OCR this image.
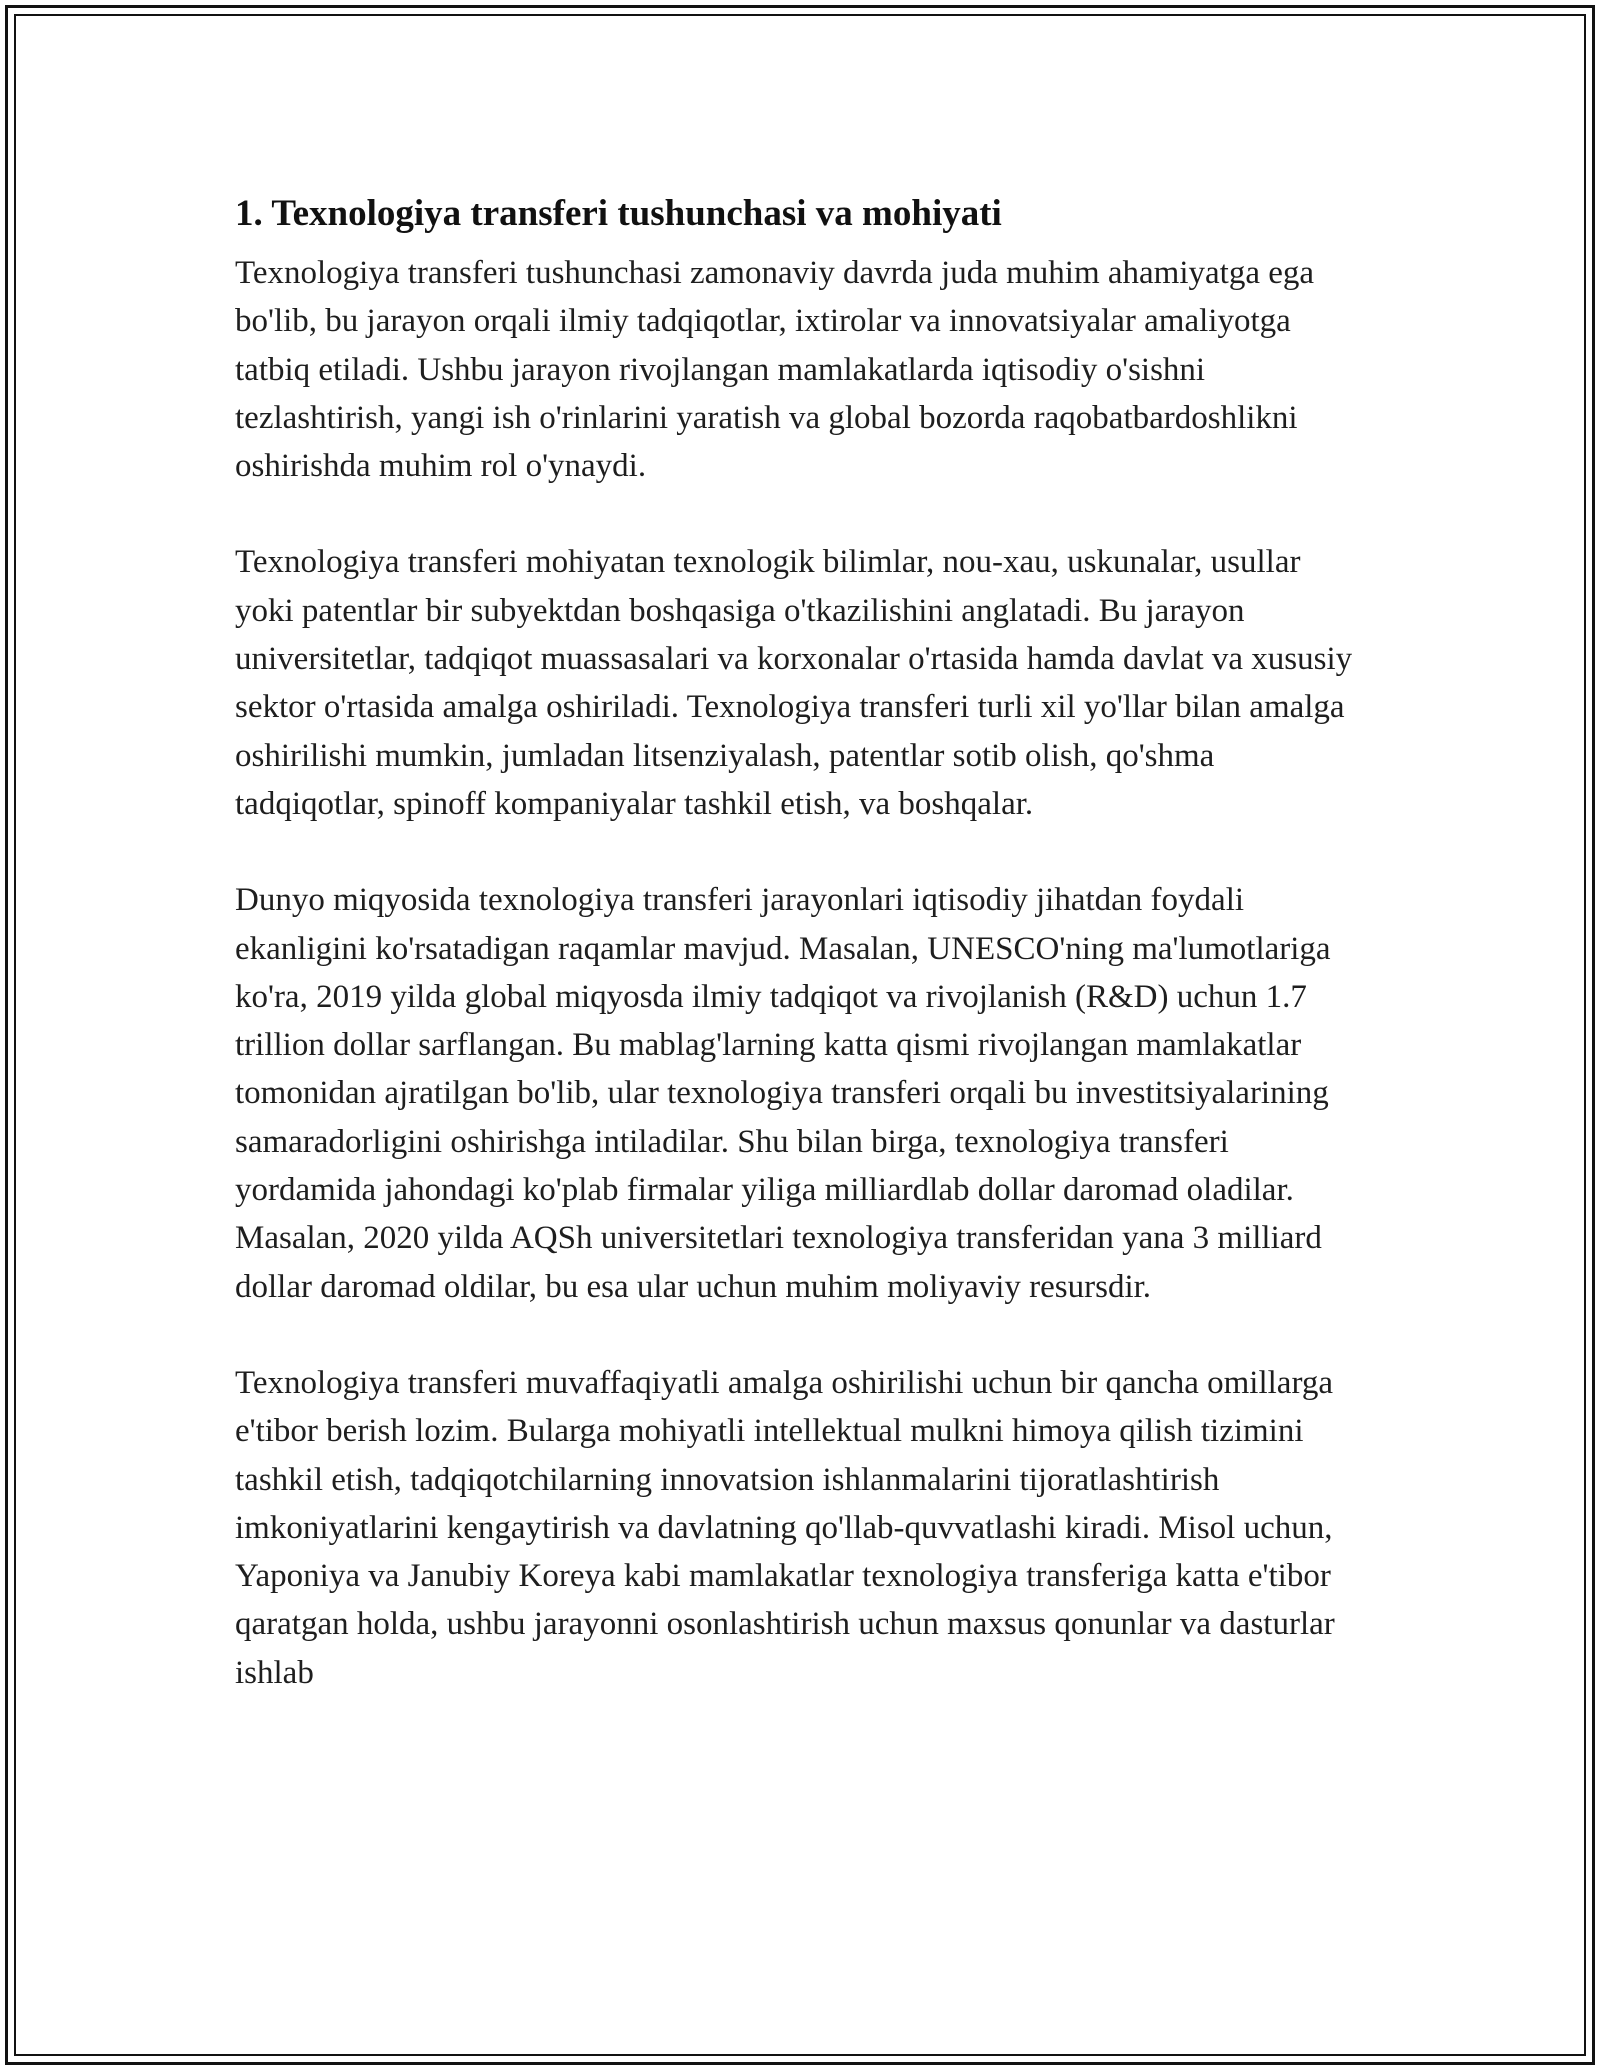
1. Texnologiya transferi tushunchasi va mohiyati

Texnologiya transferi tushunchasi zamonaviy davrda juda muhim ahamiyatga ega bo'lib, bu jarayon orqali ilmiy tadqiqotlar, ixtirolar va innovatsiyalar amaliyotga tatbiq etiladi. Ushbu jarayon rivojlangan mamlakatlarda iqtisodiy o'sishni tezlashtirish, yangi ish o'rinlarini yaratish va global bozorda raqobatbardoshlikni oshirishda muhim rol o'ynaydi.

Texnologiya transferi mohiyatan texnologik bilimlar, nou-xau, uskunalar, usullar yoki patentlar bir subyektdan boshqasiga o'tkazilishini anglatadi. Bu jarayon universitetlar, tadqiqot muassasalari va korxonalar o'rtasida hamda davlat va xususiy sektor o'rtasida amalga oshiriladi. Texnologiya transferi turli xil yo'llar bilan amalga oshirilishi mumkin, jumladan litsenziyalash, patentlar sotib olish, qo'shma tadqiqotlar, spinoff kompaniyalar tashkil etish, va boshqalar.

Dunyo miqyosida texnologiya transferi jarayonlari iqtisodiy jihatdan foydali ekanligini ko'rsatadigan raqamlar mavjud. Masalan, UNESCO'ning ma'lumotlariga ko'ra, 2019 yilda global miqyosda ilmiy tadqiqot va rivojlanish (R&D) uchun 1.7 trillion dollar sarflangan. Bu mablag'larning katta qismi rivojlangan mamlakatlar tomonidan ajratilgan bo'lib, ular texnologiya transferi orqali bu investitsiyalarining samaradorligini oshirishga intiladilar. Shu bilan birga, texnologiya transferi yordamida jahondagi ko'plab firmalar yiliga milliardlab dollar daromad oladilar. Masalan, 2020 yilda AQSh universitetlari texnologiya transferidan yana 3 milliard dollar daromad oldilar, bu esa ular uchun muhim moliyaviy resursdir.

Texnologiya transferi muvaffaqiyatli amalga oshirilishi uchun bir qancha omillarga e'tibor berish lozim. Bularga mohiyatli intellektual mulkni himoya qilish tizimini tashkil etish, tadqiqotchilarning innovatsion ishlanmalarini tijoratlashtirish imkoniyatlarini kengaytirish va davlatning qo'llab-quvvatlashi kiradi. Misol uchun, Yaponiya va Janubiy Koreya kabi mamlakatlar texnologiya transferiga katta e'tibor qaratgan holda, ushbu jarayonni osonlashtirish uchun maxsus qonunlar va dasturlar ishlab
